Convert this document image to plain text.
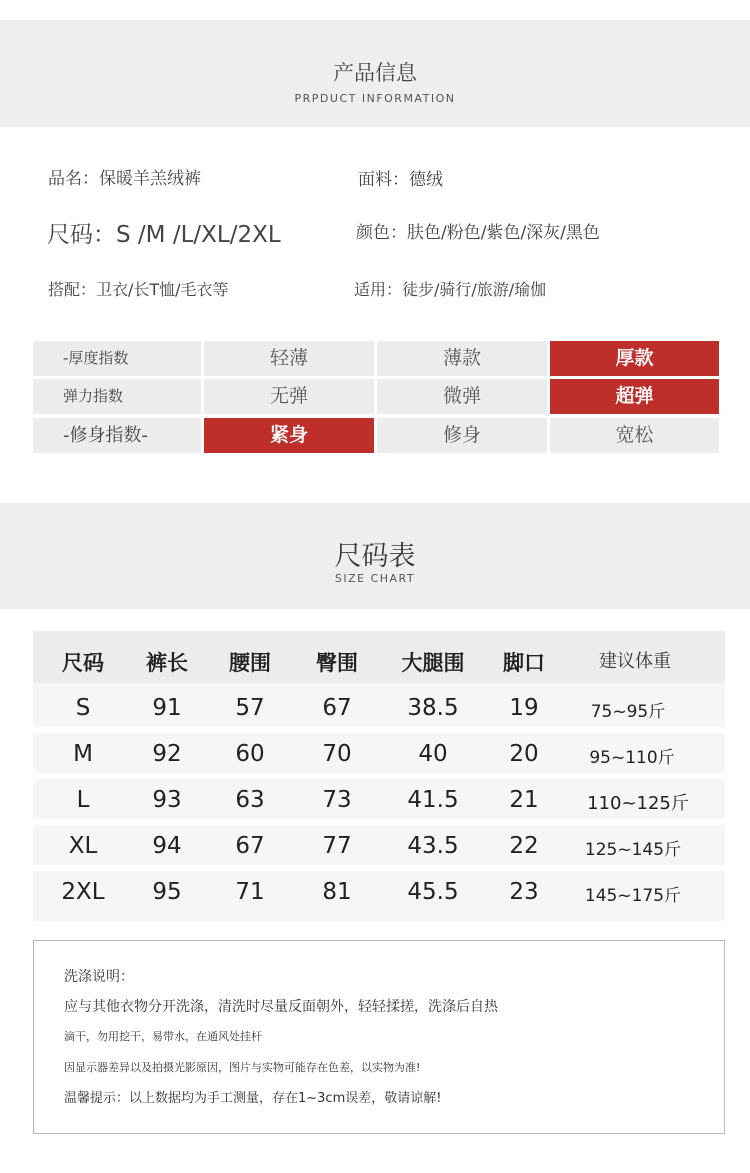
产品信息
PRPDUCT INFORMATION
品名：保暖羊羔绒裤	面料：德绒
尺码：S /M /L/XL/2XL	颜色：肤色/粉色/紫色/深灰/黑色
搭配：卫衣/长T恤/毛衣等	适用：徒步/骑行/旅游/瑜伽
-厚度指数	轻薄	薄款	厚款
弹力指数	无弹	微弹	超弹
-修身指数-	紧身	修身	宽松
尺码表
SIZE CHART
尺码	裤长	腰围	臀围	大腿围	脚口	建议体重
S	91	57	67	38.5	19	75~95斤
M	92	60	70	40	20	95~110斤
L	93	63	73	41.5	21	110~125斤
XL	94	67	77	43.5	22	125~145斤
2XL	95	71	81	45.5	23	145~175斤
洗涤说明：
应与其他衣物分开洗涤，清洗时尽量反面朝外，轻轻揉搓，洗涤后自热
滴干，勿用挖干，易带水，在通风处挂杆
因显示器差异以及拍摄光影原因，图片与实物可能存在色差，以实物为准!
温馨提示：以上数据均为手工测量，存在1~3cm误差，敬请谅解!
